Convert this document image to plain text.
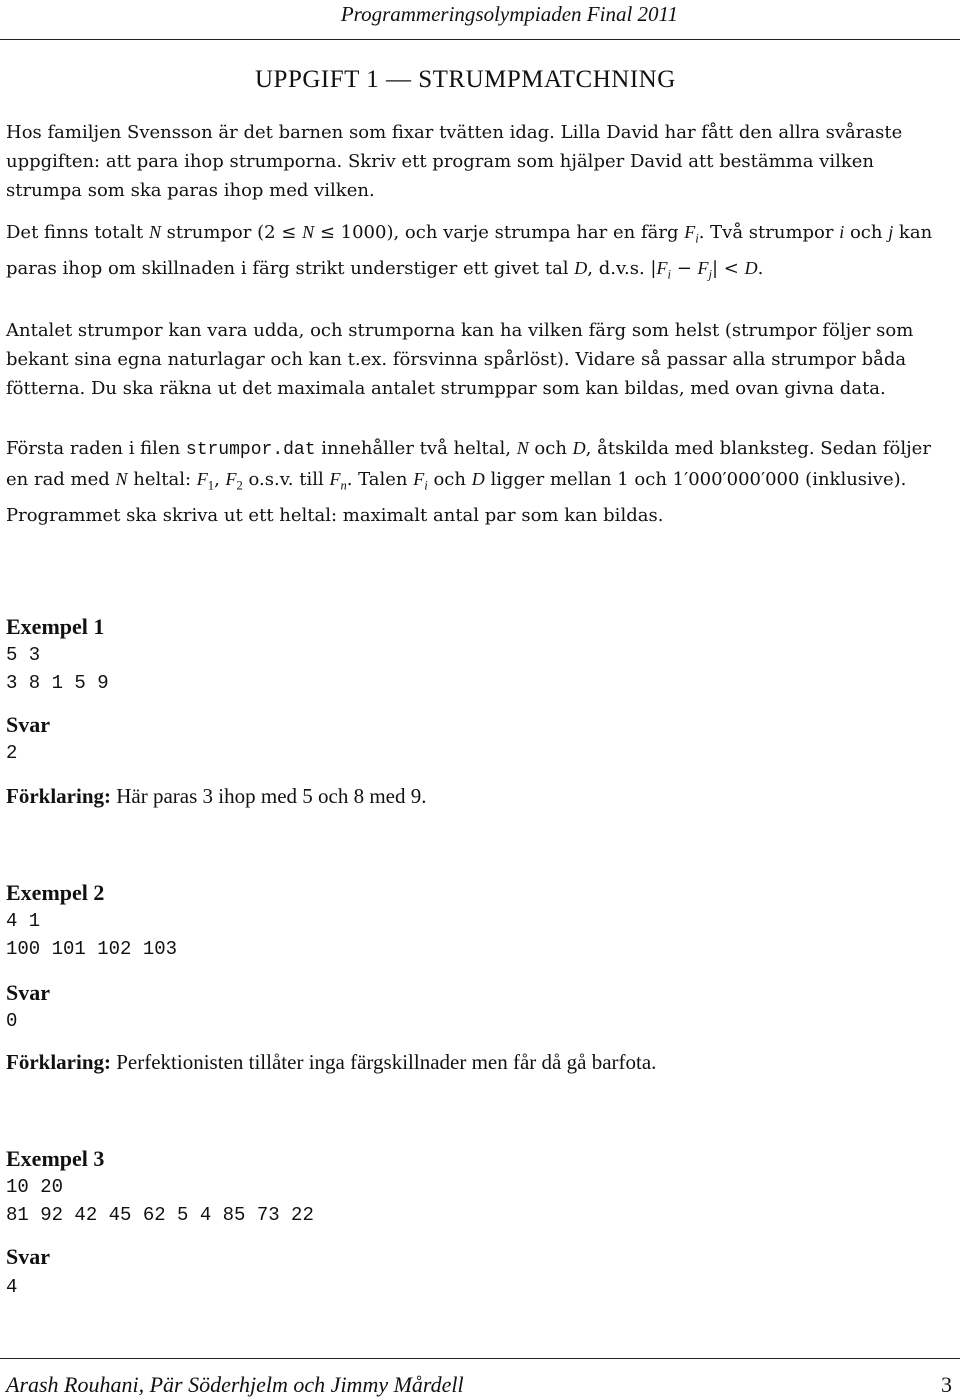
Programmeringsolympiaden Final 2011
UPPGIFT 1 — STRUMPMATCHNING

Hos familjen Svensson är det barnen som fixar tvätten idag. Lilla David har fått den allra svåraste uppgiften: att para ihop strumporna. Skriv ett program som hjälper David att bestämma vilken strumpa som ska paras ihop med vilken.

Det finns totalt N strumpor (2 ≤ N ≤ 1000), och varje strumpa har en färg $F_i$. Två strumpor i och j kan paras ihop om skillnaden i färg strikt understiger ett givet tal D, d.v.s. $|F_i - F_j| < D$.

Antalet strumpor kan vara udda, och strumporna kan ha vilken färg som helst (strumpor följer som bekant sina egna naturlagar och kan t.ex. försvinna spårlöst). Vidare så passar alla strumpor båda fötterna. Du ska räkna ut det maximala antalet strumppar som kan bildas, med ovan givna data.

Första raden i filen strumpor.dat innehåller två heltal, N och D, åtskilda med blanksteg. Sedan följer en rad med N heltal: $F_1$, $F_2$ o.s.v. till $F_n$. Talen $F_i$ och D ligger mellan 1 och 1′000′000′000 (inklusive). Programmet ska skriva ut ett heltal: maximalt antal par som kan bildas.

Exempel 1
5 3
3 8 1 5 9
Svar
2
Förklaring: Här paras 3 ihop med 5 och 8 med 9.
Exempel 2
4 1
100 101 102 103
Svar
0
Förklaring: Perfektionisten tillåter inga färgskillnader men får då gå barfota.
Exempel 3
10 20
81 92 42 45 62 5 4 85 73 22
Svar
4
Arash Rouhani, Pär Söderhjelm och Jimmy Mårdell	3
